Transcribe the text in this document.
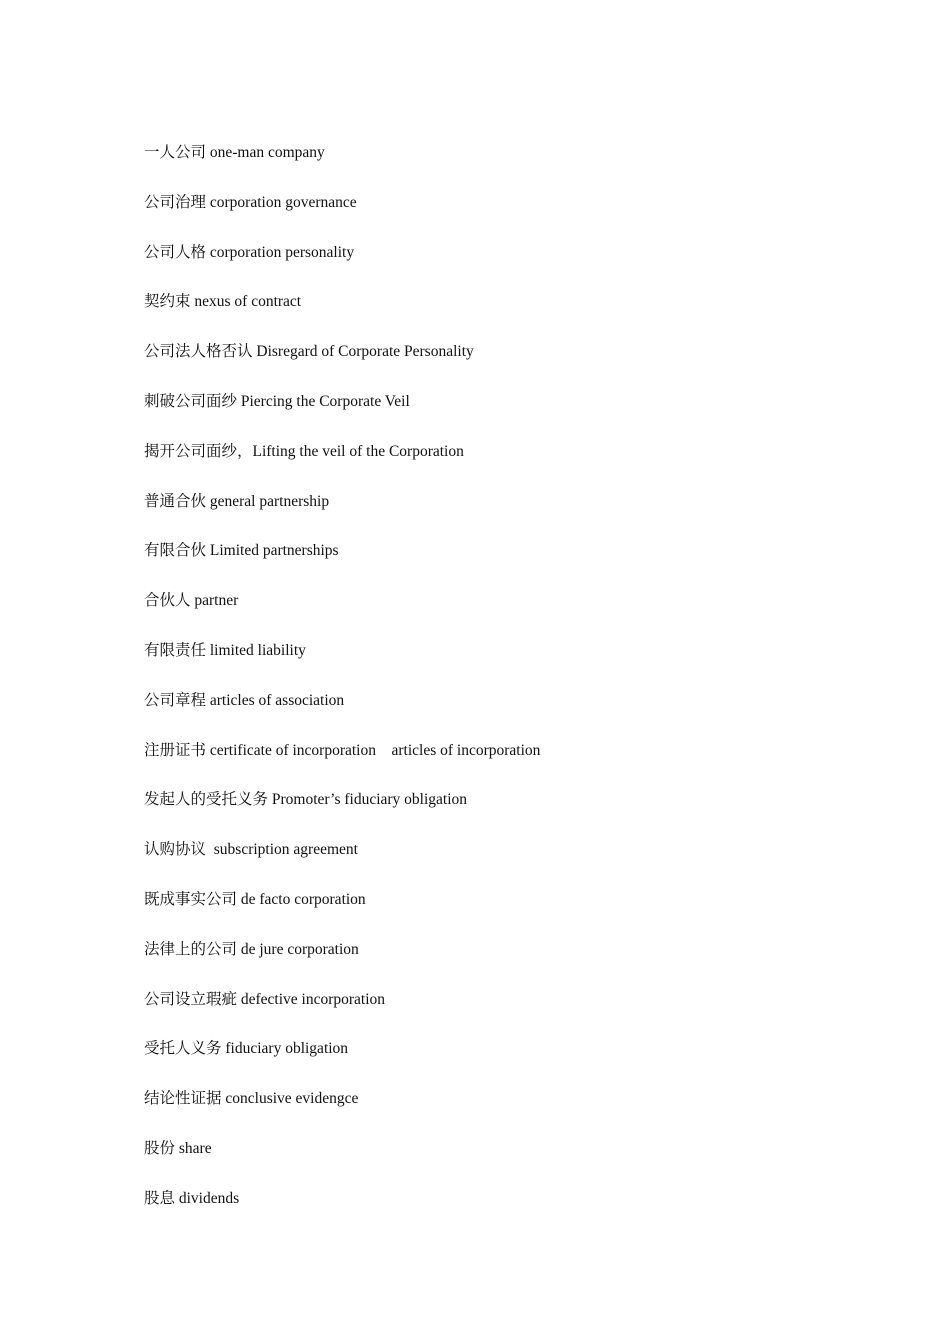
一人公司 one-man company
公司治理 corporation governance
公司人格 corporation personality
契约束 nexus of contract
公司法人格否认 Disregard of Corporate Personality
刺破公司面纱 Piercing the Corporate Veil
揭开公司面纱，Lifting the veil of the Corporation
普通合伙 general partnership
有限合伙 Limited partnerships
合伙人 partner
有限责任 limited liability
公司章程 articles of association
注册证书 certificate of incorporation    articles of incorporation
发起人的受托义务 Promoter’s fiduciary obligation
认购协议  subscription agreement
既成事实公司 de facto corporation
法律上的公司 de jure corporation
公司设立瑕疵 defective incorporation
受托人义务 fiduciary obligation
结论性证据 conclusive evidengce
股份 share
股息 dividends
